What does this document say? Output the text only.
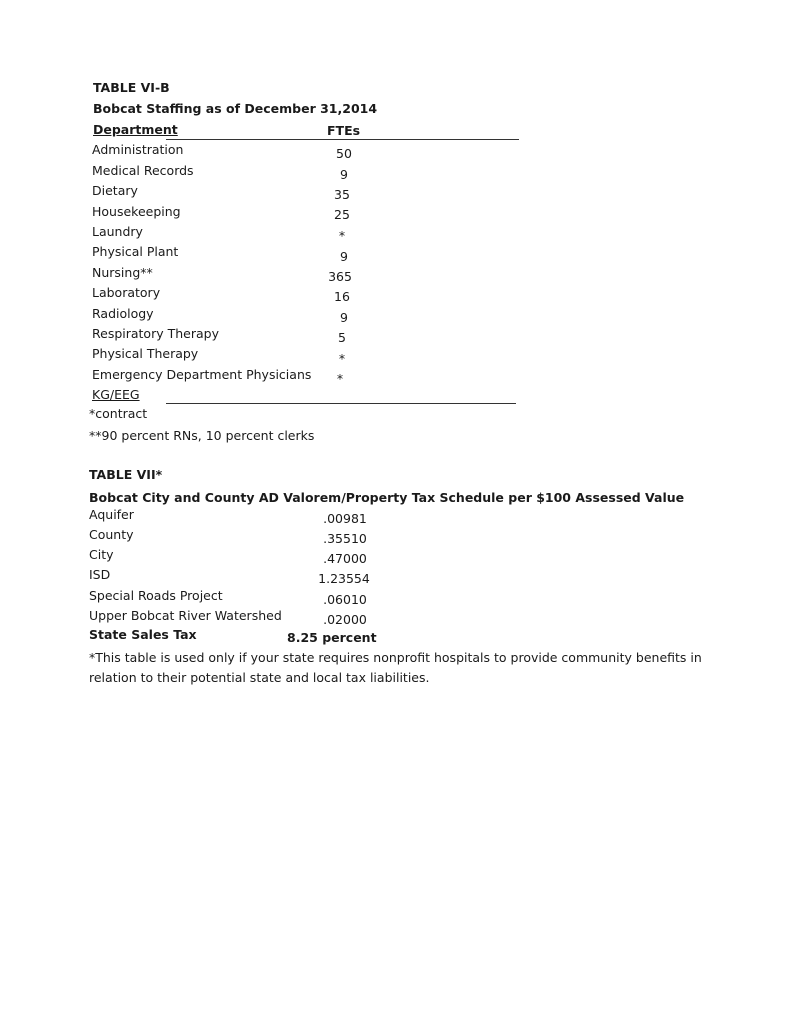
TABLE VI-B
Bobcat Staffing as of December 31,2014
Department	FTEs
Administration	50
Medical Records	9
Dietary	35
Housekeeping	25
Laundry	*
Physical Plant	9
Nursing**	365
Laboratory	16
Radiology	9
Respiratory Therapy	5
Physical Therapy	*
Emergency Department Physicians	*
KG/EEG
*contract
**90 percent RNs, 10 percent clerks
TABLE VII*
Bobcat City and County AD Valorem/Property Tax Schedule per $100 Assessed Value
Aquifer	.00981
County	.35510
City	.47000
ISD	1.23554
Special Roads Project	.06010
Upper Bobcat River Watershed	.02000
State Sales Tax	8.25 percent
*This table is used only if your state requires nonprofit hospitals to provide community benefits in
relation to their potential state and local tax liabilities.
